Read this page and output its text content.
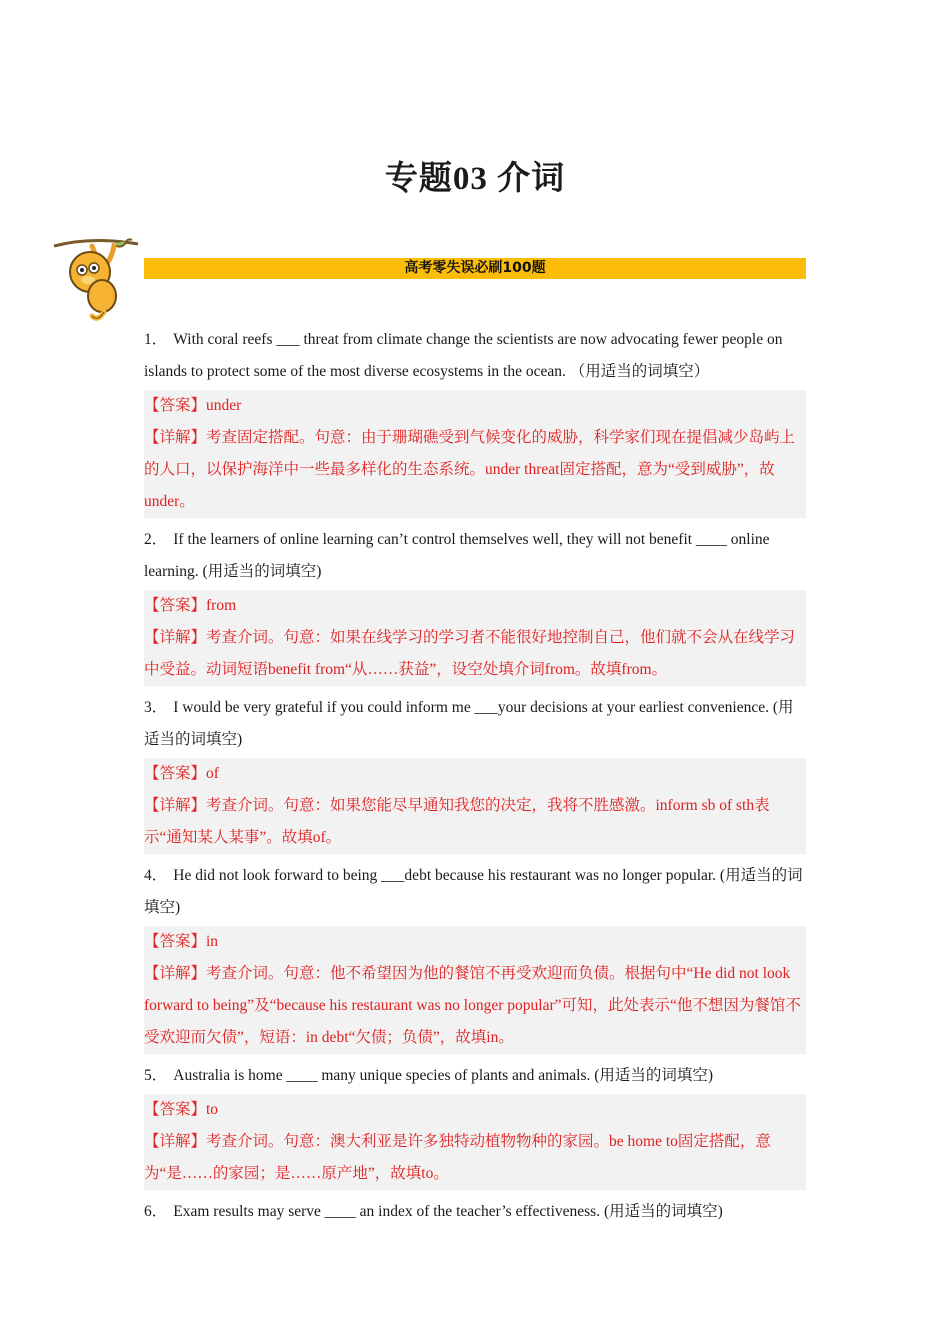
专题03 介词
高考零失误必刷100题

1． With coral reefs ___ threat from climate change the scientists are now advocating fewer people on islands to protect some of the most diverse ecosystems in the ocean. （用适当的词填空）

【答案】under

【详解】考查固定搭配。句意：由于珊瑚礁受到气候变化的威胁，科学家们现在提倡减少岛屿上的人口，以保护海洋中一些最多样化的生态系统。under threat固定搭配，意为“受到威胁”，故under。

2． If the learners of online learning can’t control themselves well, they will not benefit ____ online learning. (用适当的词填空)

【答案】from

【详解】考查介词。句意：如果在线学习的学习者不能很好地控制自己，他们就不会从在线学习中受益。动词短语benefit from“从……获益”，设空处填介词from。故填from。

3． I would be very grateful if you could inform me ___your decisions at your earliest convenience. (用适当的词填空)

【答案】of

【详解】考查介词。句意：如果您能尽早通知我您的决定，我将不胜感激。inform sb of sth表示“通知某人某事”。故填of。

4． He did not look forward to being ___debt because his restaurant was no longer popular. (用适当的词填空)

【答案】in

【详解】考查介词。句意：他不希望因为他的餐馆不再受欢迎而负债。根据句中“He did not look forward to being”及“because his restaurant was no longer popular”可知，此处表示“他不想因为餐馆不受欢迎而欠债”，短语：in debt“欠债；负债”，故填in。

5． Australia is home ____ many unique species of plants and animals. (用适当的词填空)

【答案】to

【详解】考查介词。句意：澳大利亚是许多独特动植物物种的家园。be home to固定搭配，意为“是……的家园；是……原产地”，故填to。

6． Exam results may serve ____ an index of the teacher’s effectiveness. (用适当的词填空)
